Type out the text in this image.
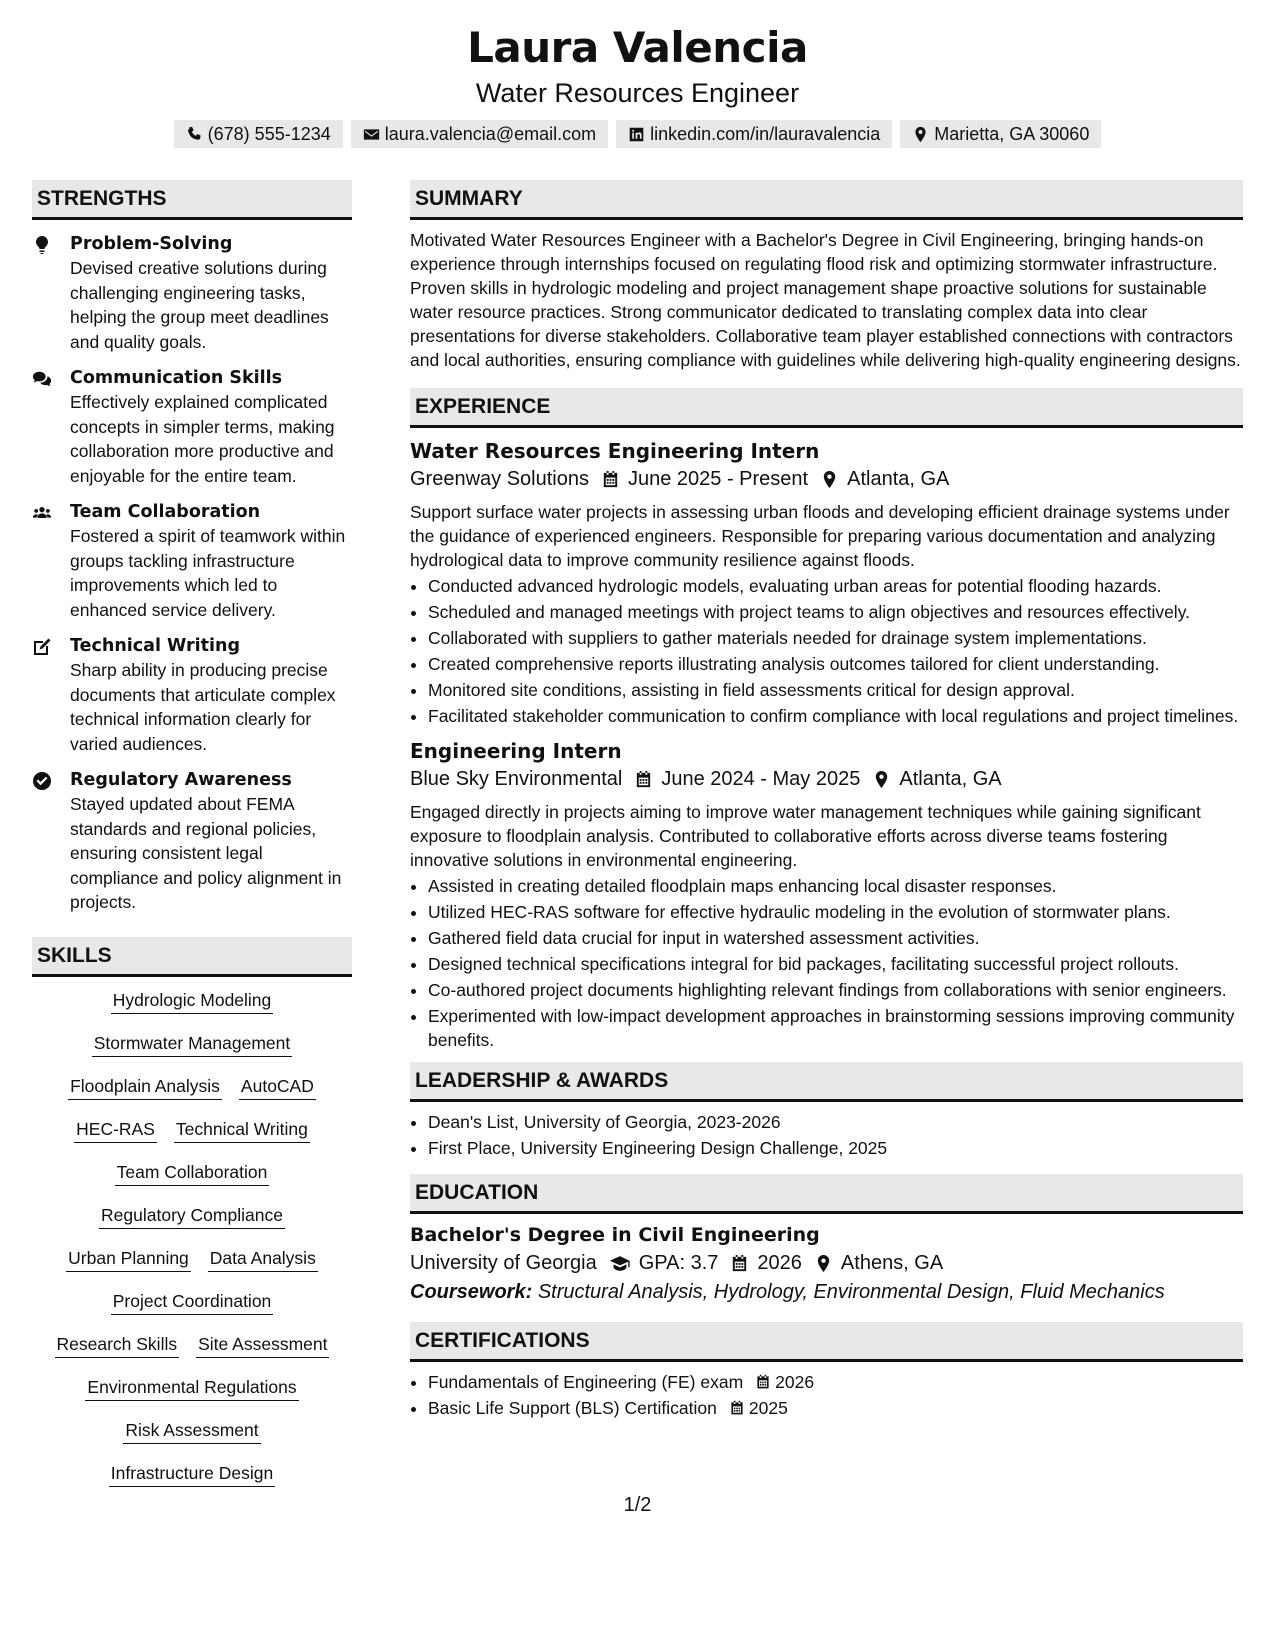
Laura Valencia
Water Resources Engineer
(678) 555-1234	laura.valencia@email.com	linkedin.com/in/lauravalencia	Marietta, GA 30060
STRENGTHS
Problem-Solving
Devised creative solutions during challenging engineering tasks, helping the group meet deadlines and quality goals.
Communication Skills
Effectively explained complicated concepts in simpler terms, making collaboration more productive and enjoyable for the entire team.
Team Collaboration
Fostered a spirit of teamwork within groups tackling infrastructure improvements which led to enhanced service delivery.
Technical Writing
Sharp ability in producing precise documents that articulate complex technical information clearly for varied audiences.
Regulatory Awareness
Stayed updated about FEMA standards and regional policies, ensuring consistent legal compliance and policy alignment in projects.
SKILLS
Hydrologic Modeling
Stormwater Management
Floodplain Analysis AutoCAD
HEC-RAS Technical Writing
Team Collaboration
Regulatory Compliance
Urban Planning Data Analysis
Project Coordination
Research Skills Site Assessment
Environmental Regulations
Risk Assessment
Infrastructure Design
SUMMARY
Motivated Water Resources Engineer with a Bachelor's Degree in Civil Engineering, bringing hands-on experience through internships focused on regulating flood risk and optimizing stormwater infrastructure. Proven skills in hydrologic modeling and project management shape proactive solutions for sustainable water resource practices. Strong communicator dedicated to translating complex data into clear presentations for diverse stakeholders. Collaborative team player established connections with contractors and local authorities, ensuring compliance with guidelines while delivering high-quality engineering designs.
EXPERIENCE
Water Resources Engineering Intern
Greenway Solutions June 2025 - Present Atlanta, GA
Support surface water projects in assessing urban floods and developing efficient drainage systems under the guidance of experienced engineers. Responsible for preparing various documentation and analyzing hydrological data to improve community resilience against floods.
• Conducted advanced hydrologic models, evaluating urban areas for potential flooding hazards.
• Scheduled and managed meetings with project teams to align objectives and resources effectively.
• Collaborated with suppliers to gather materials needed for drainage system implementations.
• Created comprehensive reports illustrating analysis outcomes tailored for client understanding.
• Monitored site conditions, assisting in field assessments critical for design approval.
• Facilitated stakeholder communication to confirm compliance with local regulations and project timelines.
Engineering Intern
Blue Sky Environmental June 2024 - May 2025 Atlanta, GA
Engaged directly in projects aiming to improve water management techniques while gaining significant exposure to floodplain analysis. Contributed to collaborative efforts across diverse teams fostering innovative solutions in environmental engineering.
• Assisted in creating detailed floodplain maps enhancing local disaster responses.
• Utilized HEC-RAS software for effective hydraulic modeling in the evolution of stormwater plans.
• Gathered field data crucial for input in watershed assessment activities.
• Designed technical specifications integral for bid packages, facilitating successful project rollouts.
• Co-authored project documents highlighting relevant findings from collaborations with senior engineers.
• Experimented with low-impact development approaches in brainstorming sessions improving community benefits.
LEADERSHIP & AWARDS
• Dean's List, University of Georgia, 2023-2026
• First Place, University Engineering Design Challenge, 2025
EDUCATION
Bachelor's Degree in Civil Engineering
University of Georgia GPA: 3.7 2026 Athens, GA
Coursework: Structural Analysis, Hydrology, Environmental Design, Fluid Mechanics
CERTIFICATIONS
• Fundamentals of Engineering (FE) exam 2026
• Basic Life Support (BLS) Certification 2025
1/2
